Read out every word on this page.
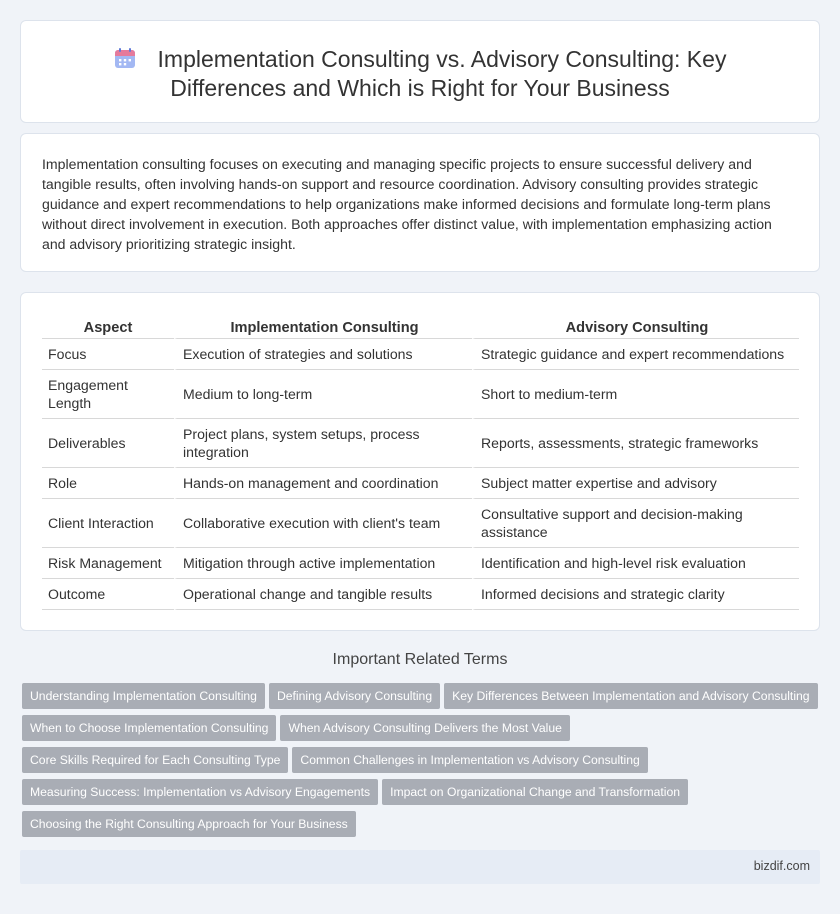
Implementation Consulting vs. Advisory Consulting: Key
Differences and Which is Right for Your Business

Implementation consulting focuses on executing and managing specific projects to ensure successful delivery and tangible results, often involving hands-on support and resource coordination. Advisory consulting provides strategic guidance and expert recommendations to help organizations make informed decisions and formulate long-term plans without direct involvement in execution. Both approaches offer distinct value, with implementation emphasizing action and advisory prioritizing strategic insight.

Aspect	Implementation Consulting	Advisory Consulting
Focus	Execution of strategies and solutions	Strategic guidance and expert recommendations
Engagement Length	Medium to long-term	Short to medium-term
Deliverables	Project plans, system setups, process integration	Reports, assessments, strategic frameworks
Role	Hands-on management and coordination	Subject matter expertise and advisory
Client Interaction	Collaborative execution with client's team	Consultative support and decision-making assistance
Risk Management	Mitigation through active implementation	Identification and high-level risk evaluation
Outcome	Operational change and tangible results	Informed decisions and strategic clarity
Important Related Terms
Understanding Implementation Consulting Defining Advisory Consulting Key Differences Between Implementation and Advisory Consulting
When to Choose Implementation Consulting When Advisory Consulting Delivers the Most Value
Core Skills Required for Each Consulting Type Common Challenges in Implementation vs Advisory Consulting
Measuring Success: Implementation vs Advisory Engagements Impact on Organizational Change and Transformation
Choosing the Right Consulting Approach for Your Business
bizdif.com
